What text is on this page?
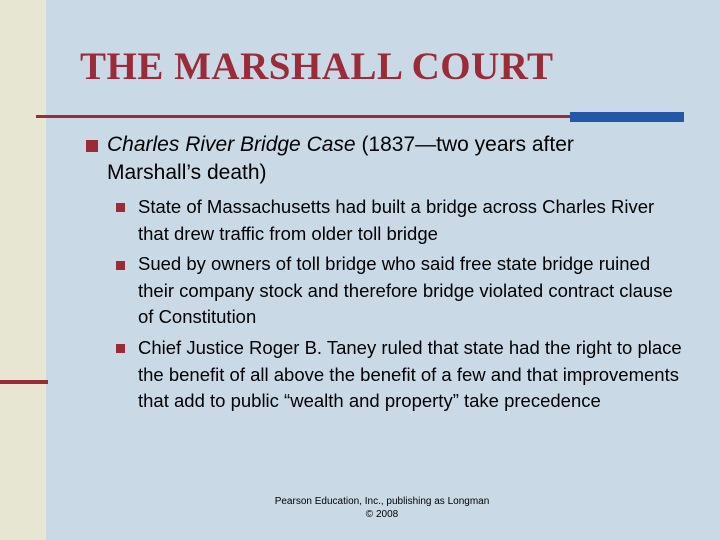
THE MARSHALL COURT
Charles River Bridge Case (1837—two years after Marshall’s death)
State of Massachusetts had built a bridge across Charles River that drew traffic from older toll bridge
Sued by owners of toll bridge who said free state bridge ruined their company stock and therefore bridge violated contract clause of Constitution
Chief Justice Roger B. Taney ruled that state had the right to place the benefit of all above the benefit of a few and that improvements that add to public “wealth and property” take precedence
Pearson Education, Inc., publishing as Longman
© 2008
